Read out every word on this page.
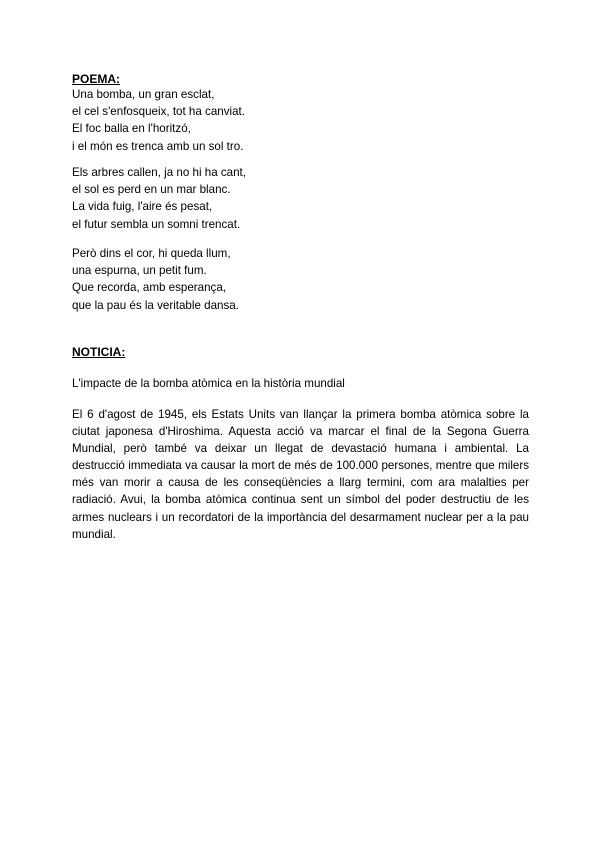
POEMA:

Una bomba, un gran esclat,
el cel s'enfosqueix, tot ha canviat.
El foc balla en l'horitzó,
i el món es trenca amb un sol tro.
Els arbres callen, ja no hi ha cant,
el sol es perd en un mar blanc.
La vida fuig, l'aire és pesat,
el futur sembla un somni trencat.
Però dins el cor, hi queda llum,
una espurna, un petit fum.
Que recorda, amb esperança,
que la pau és la veritable dansa.

NOTICIA:

L'impacte de la bomba atòmica en la història mundial

El 6 d'agost de 1945, els Estats Units van llançar la primera bomba atòmica sobre la ciutat japonesa d'Hiroshima. Aquesta acció va marcar el final de la Segona Guerra Mundial, però també va deixar un llegat de devastació humana i ambiental. La destrucció immediata va causar la mort de més de 100.000 persones, mentre que milers més van morir a causa de les conseqüències a llarg termini, com ara malalties per radiació. Avui, la bomba atòmica continua sent un símbol del poder destructiu de les armes nuclears i un recordatori de la importància del desarmament nuclear per a la pau mundial.
